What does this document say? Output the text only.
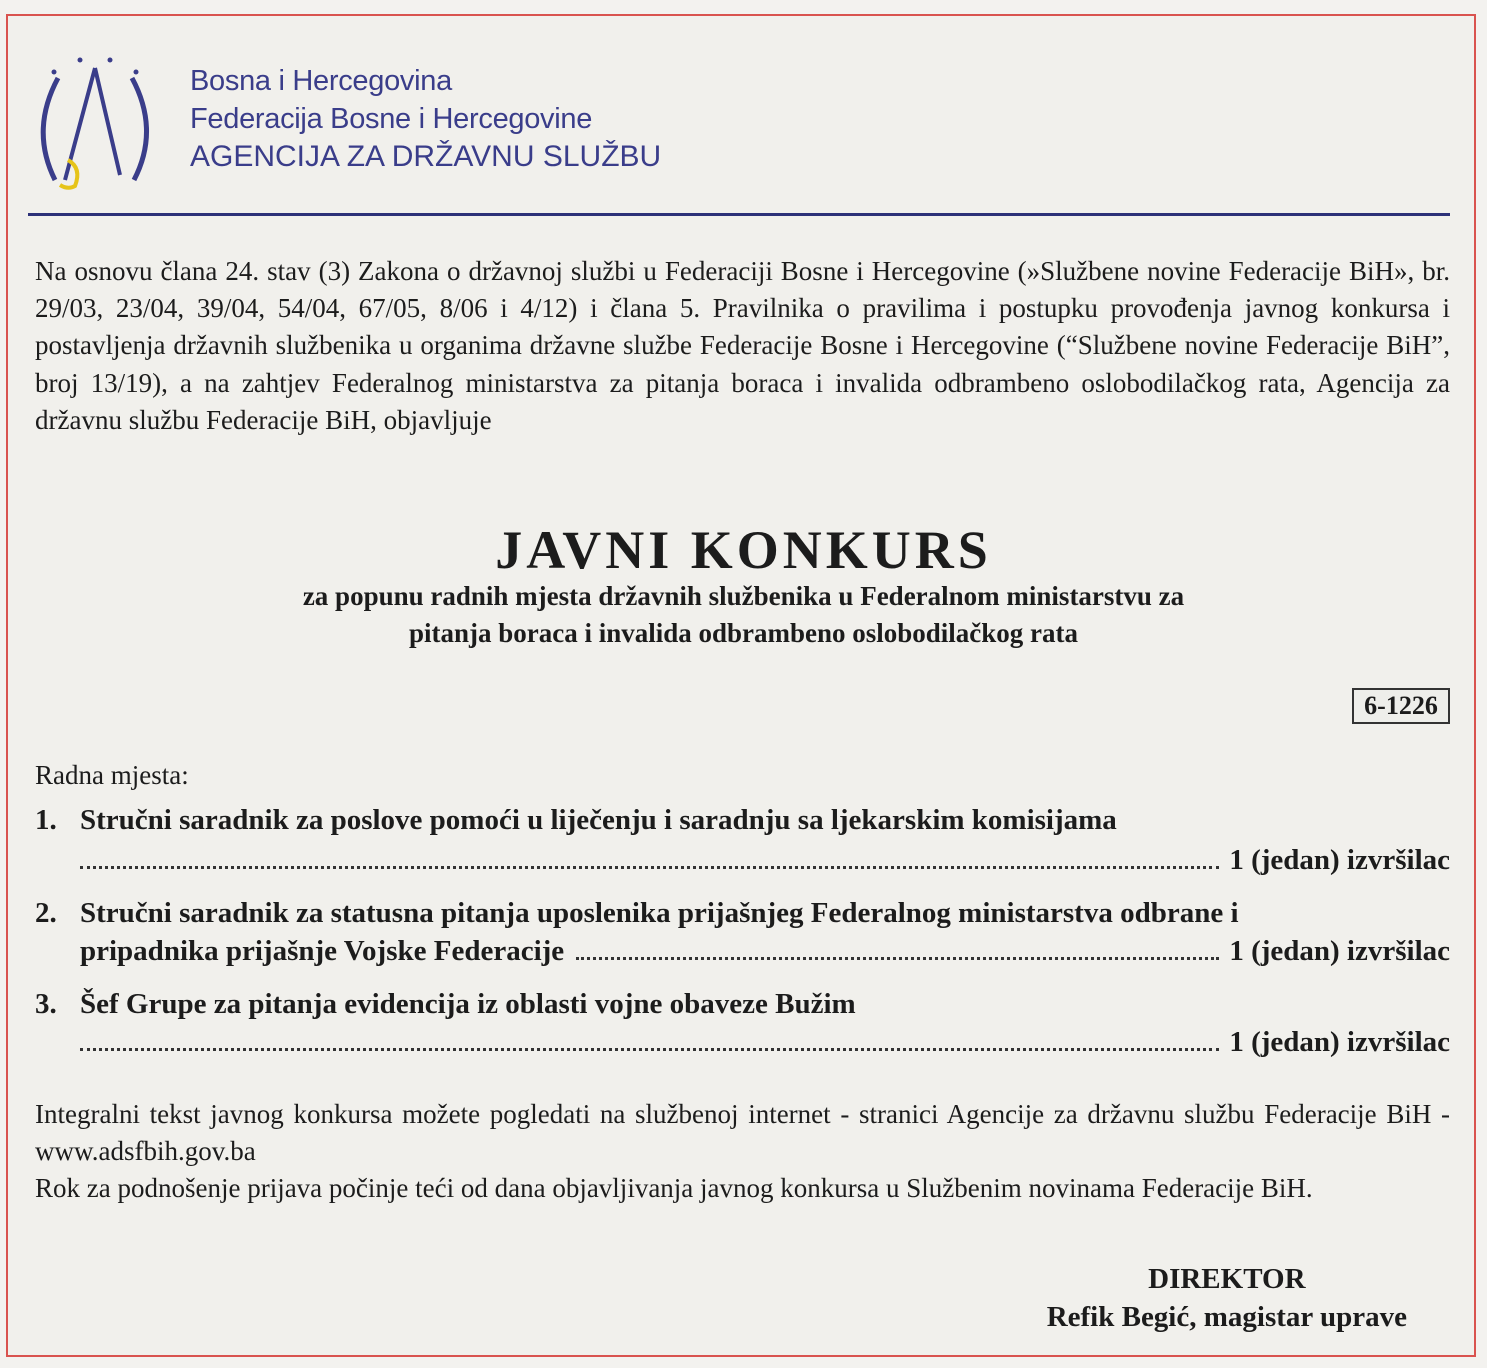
Bosna i Hercegovina
Federacija Bosne i Hercegovine
AGENCIJA ZA DRŽAVNU SLUŽBU
Na osnovu člana 24. stav (3) Zakona o državnoj službi u Federaciji Bosne i Hercegovine (»Službene novine Federacije BiH», br. 29/03, 23/04, 39/04, 54/04, 67/05, 8/06 i 4/12) i člana 5. Pravilnika o pravilima i postupku provođenja javnog konkursa i postavljenja državnih službenika u organima državne službe Federacije Bosne i Hercegovine (“Službene novine Federacije BiH”, broj 13/19), a na zahtjev Federalnog ministarstva za pitanja boraca i invalida odbrambeno oslobodilačkog rata, Agencija za državnu službu Federacije BiH, objavljuje
JAVNI KONKURS
za popunu radnih mjesta državnih službenika u Federalnom ministarstvu za
pitanja boraca i invalida odbrambeno oslobodilačkog rata
6-1226
Radna mjesta:
1. Stručni saradnik za poslove pomoći u liječenju i saradnju sa ljekarskim komisijama
1 (jedan) izvršilac
2. Stručni saradnik za statusna pitanja uposlenika prijašnjeg Federalnog ministarstva odbrane i
pripadnika prijašnje Vojske Federacije	1 (jedan) izvršilac
3. Šef Grupe za pitanja evidencija iz oblasti vojne obaveze Bužim
1 (jedan) izvršilac
Integralni tekst javnog konkursa možete pogledati na službenoj internet - stranici Agencije za državnu službu Federacije BiH - www.adsfbih.gov.ba
Rok za podnošenje prijava počinje teći od dana objavljivanja javnog konkursa u Službenim novinama Federacije BiH.
DIREKTOR
Refik Begić, magistar uprave
